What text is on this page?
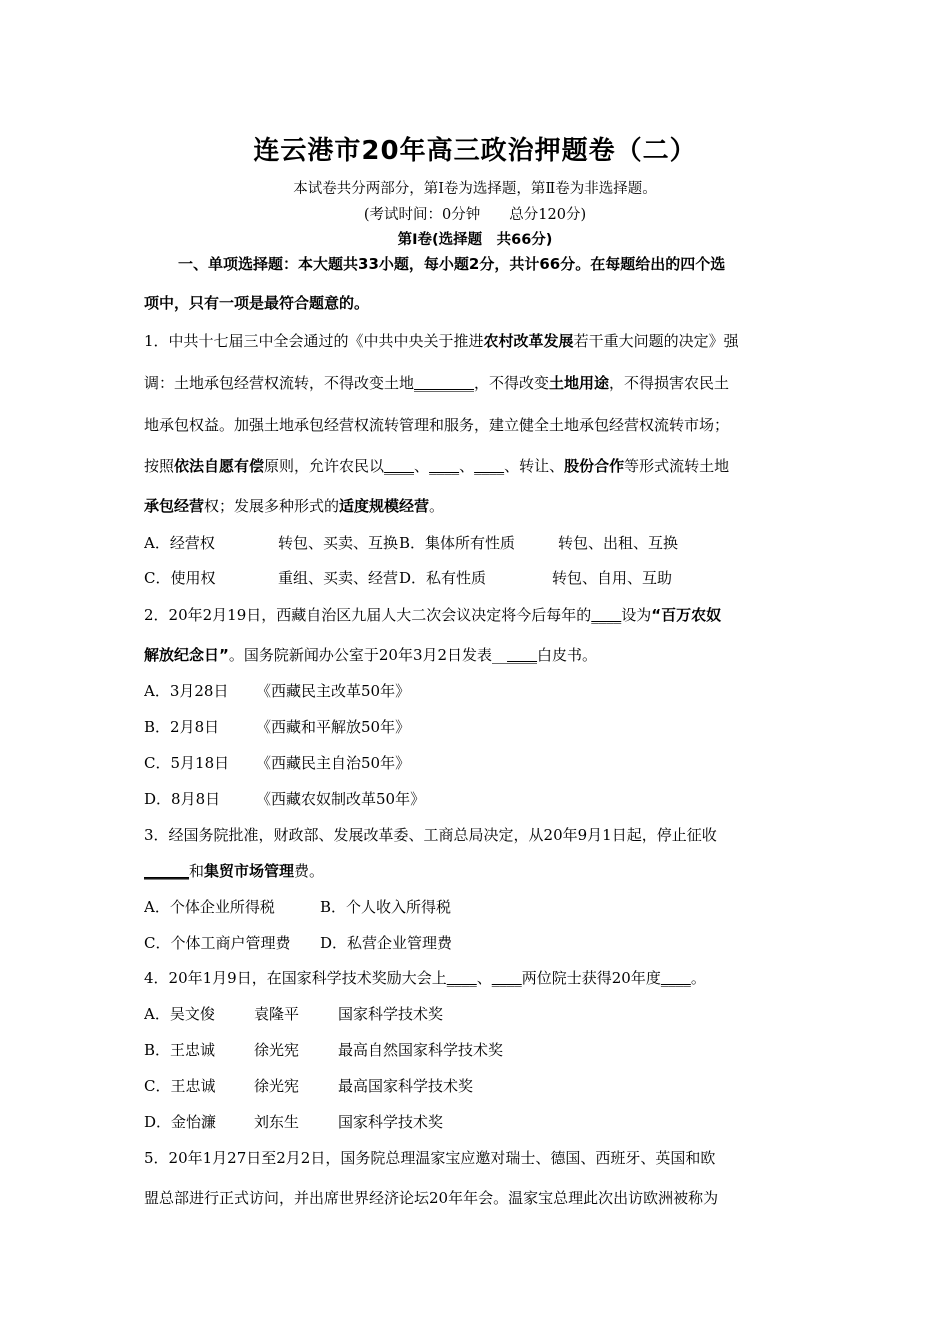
连云港市20年高三政治押题卷（二）
本试卷共分两部分，第Ⅰ卷为选择题，第Ⅱ卷为非选择题。
(考试时间：0分钟　　总分120分)
第Ⅰ卷(选择题　共66分)
一、单项选择题：本大题共33小题，每小题2分，共计66分。在每题给出的四个选
项中，只有一项是最符合题意的。
1．中共十七届三中全会通过的《中共中央关于推进农村改革发展若干重大问题的决定》强
调：土地承包经营权流转，不得改变土地________，不得改变土地用途，不得损害农民土
地承包权益。加强土地承包经营权流转管理和服务，建立健全土地承包经营权流转市场；
按照依法自愿有偿原则，允许农民以____、____、____、转让、股份合作等形式流转土地
承包经营权；发展多种形式的适度规模经营。
A．经营权	转包、买卖、互换B．集体所有性质	转包、出租、互换
C．使用权	重组、买卖、经营D．私有性质	转包、自用、互助
2．20年2月19日，西藏自治区九届人大二次会议决定将今后每年的____设为“百万农奴
解放纪念日”。国务院新闻办公室于20年3月2日发表______白皮书。
A．3月28日 《西藏民主改革50年》
B．2月8日 《西藏和平解放50年》
C．5月18日 《西藏民主自治50年》
D．8月8日 《西藏农奴制改革50年》
3．经国务院批准，财政部、发展改革委、工商总局决定，从20年9月1日起，停止征收
______和集贸市场管理费。
A．个体企业所得税	B．个人收入所得税
C．个体工商户管理费 D．私营企业管理费
4．20年1月9日，在国家科学技术奖励大会上____、____两位院士获得20年度____。
A．吴文俊	袁隆平	国家科学技术奖
B．王忠诚	徐光宪	最高自然国家科学技术奖
C．王忠诚	徐光宪	最高国家科学技术奖
D．金怡濂	刘东生	国家科学技术奖
5．20年1月27日至2月2日，国务院总理温家宝应邀对瑞士、德国、西班牙、英国和欧
盟总部进行正式访问，并出席世界经济论坛20年年会。温家宝总理此次出访欧洲被称为
